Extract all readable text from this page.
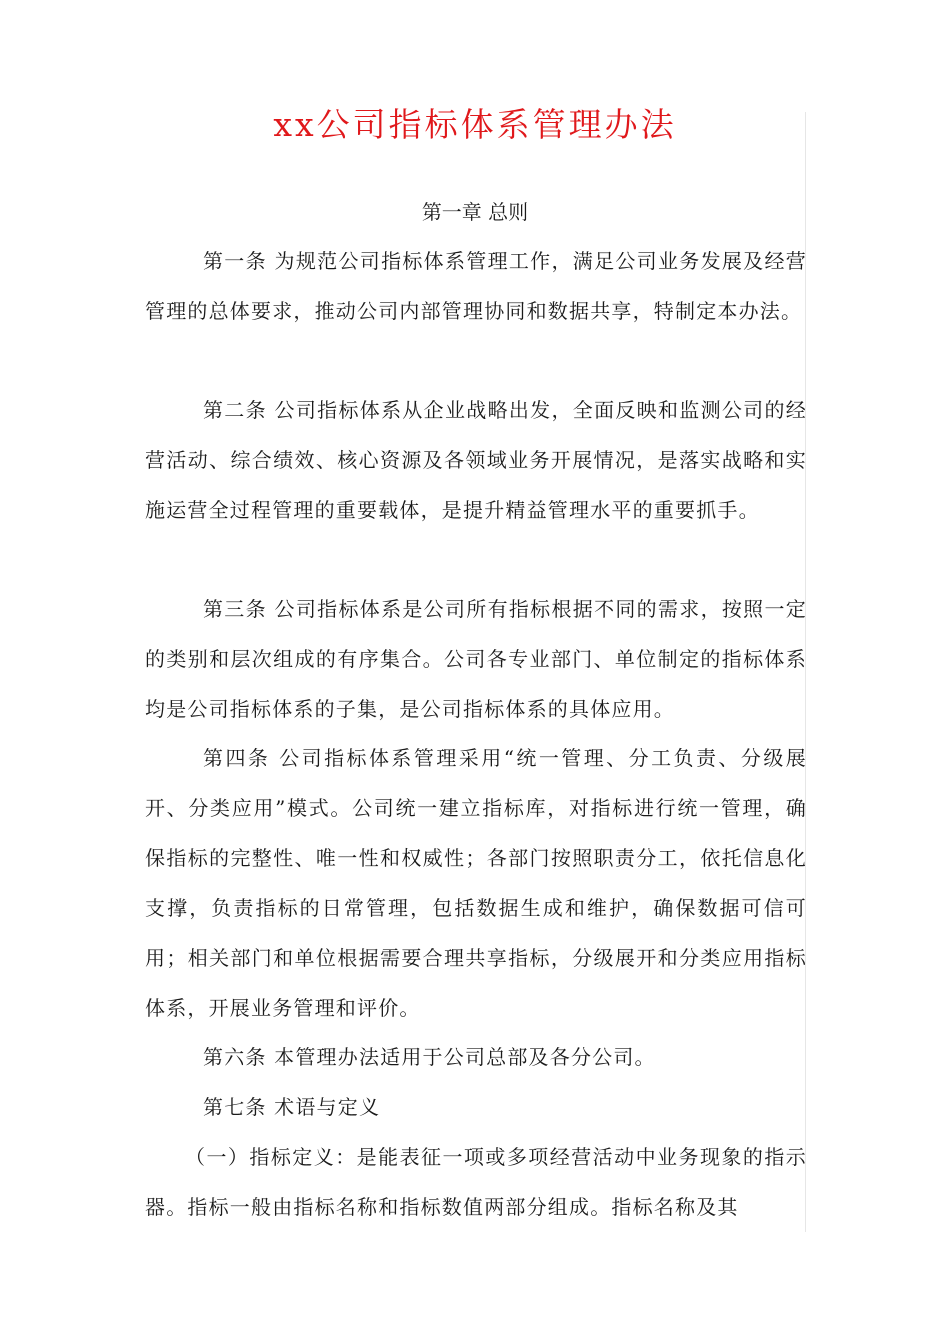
xx公司指标体系管理办法
第一章 总则

第一条 为规范公司指标体系管理工作，满足公司业务发展及经营管理的总体要求，推动公司内部管理协同和数据共享，特制定本办法。

第二条 公司指标体系从企业战略出发，全面反映和监测公司的经营活动、综合绩效、核心资源及各领域业务开展情况，是落实战略和实施运营全过程管理的重要载体，是提升精益管理水平的重要抓手。

第三条 公司指标体系是公司所有指标根据不同的需求，按照一定的类别和层次组成的有序集合。公司各专业部门、单位制定的指标体系均是公司指标体系的子集，是公司指标体系的具体应用。

第四条 公司指标体系管理采用“统一管理、分工负责、分级展开、分类应用”模式。公司统一建立指标库，对指标进行统一管理，确保指标的完整性、唯一性和权威性；各部门按照职责分工，依托信息化支撑，负责指标的日常管理，包括数据生成和维护，确保数据可信可用；相关部门和单位根据需要合理共享指标，分级展开和分类应用指标体系，开展业务管理和评价。

第六条 本管理办法适用于公司总部及各分公司。

第七条 术语与定义

（一）指标定义：是能表征一项或多项经营活动中业务现象的指示器。指标一般由指标名称和指标数值两部分组成。指标名称及其
